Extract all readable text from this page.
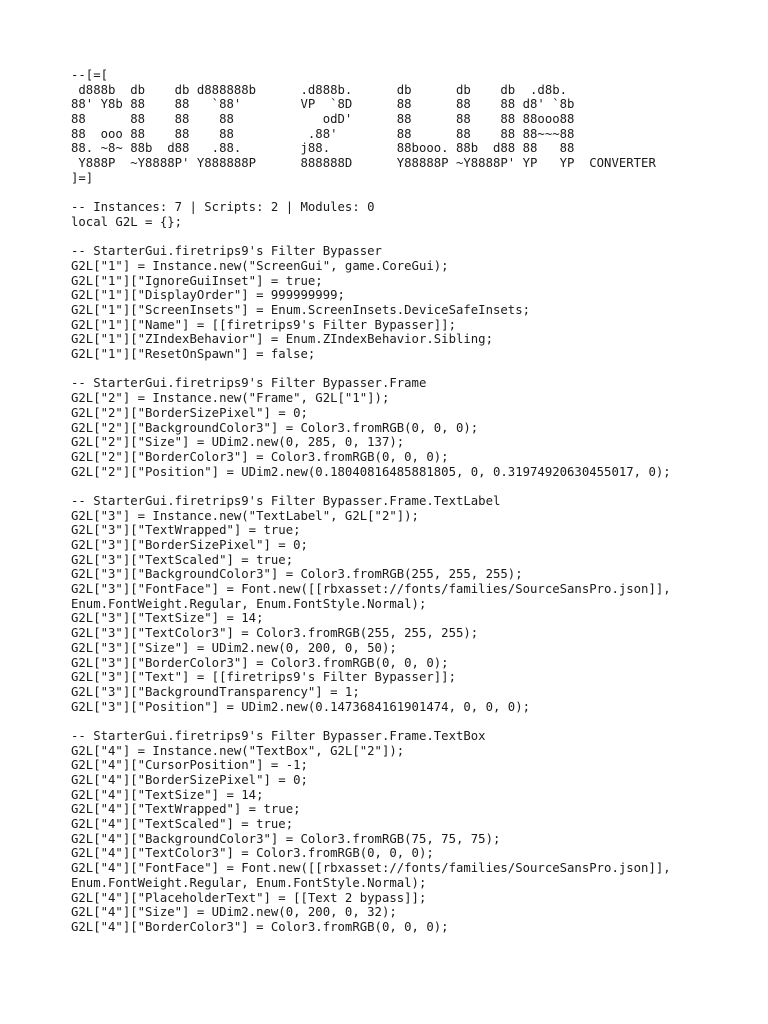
--[=[
d888b  db    db d888888b      .d888b.      db      db    db  .d8b.
88' Y8b 88    88   `88'        VP  `8D      88      88    88 d8' `8b
88      88    88    88            odD'      88      88    88 88ooo88
88  ooo 88    88    88          .88'        88      88    88 88~~~88
88. ~8~ 88b  d88   .88.        j88.         88booo. 88b  d88 88   88
Y888P  ~Y8888P' Y888888P      888888D      Y88888P ~Y8888P' YP   YP  CONVERTER
]=]
-- Instances: 7 | Scripts: 2 | Modules: 0
local G2L = {};
-- StarterGui.firetrips9's Filter Bypasser
G2L["1"] = Instance.new("ScreenGui", game.CoreGui);
G2L["1"]["IgnoreGuiInset"] = true;
G2L["1"]["DisplayOrder"] = 999999999;
G2L["1"]["ScreenInsets"] = Enum.ScreenInsets.DeviceSafeInsets;
G2L["1"]["Name"] = [[firetrips9's Filter Bypasser]];
G2L["1"]["ZIndexBehavior"] = Enum.ZIndexBehavior.Sibling;
G2L["1"]["ResetOnSpawn"] = false;
-- StarterGui.firetrips9's Filter Bypasser.Frame
G2L["2"] = Instance.new("Frame", G2L["1"]);
G2L["2"]["BorderSizePixel"] = 0;
G2L["2"]["BackgroundColor3"] = Color3.fromRGB(0, 0, 0);
G2L["2"]["Size"] = UDim2.new(0, 285, 0, 137);
G2L["2"]["BorderColor3"] = Color3.fromRGB(0, 0, 0);
G2L["2"]["Position"] = UDim2.new(0.18040816485881805, 0, 0.31974920630455017, 0);
-- StarterGui.firetrips9's Filter Bypasser.Frame.TextLabel
G2L["3"] = Instance.new("TextLabel", G2L["2"]);
G2L["3"]["TextWrapped"] = true;
G2L["3"]["BorderSizePixel"] = 0;
G2L["3"]["TextScaled"] = true;
G2L["3"]["BackgroundColor3"] = Color3.fromRGB(255, 255, 255);
G2L["3"]["FontFace"] = Font.new([[rbxasset://fonts/families/SourceSansPro.json]],
Enum.FontWeight.Regular, Enum.FontStyle.Normal);
G2L["3"]["TextSize"] = 14;
G2L["3"]["TextColor3"] = Color3.fromRGB(255, 255, 255);
G2L["3"]["Size"] = UDim2.new(0, 200, 0, 50);
G2L["3"]["BorderColor3"] = Color3.fromRGB(0, 0, 0);
G2L["3"]["Text"] = [[firetrips9's Filter Bypasser]];
G2L["3"]["BackgroundTransparency"] = 1;
G2L["3"]["Position"] = UDim2.new(0.1473684161901474, 0, 0, 0);
-- StarterGui.firetrips9's Filter Bypasser.Frame.TextBox
G2L["4"] = Instance.new("TextBox", G2L["2"]);
G2L["4"]["CursorPosition"] = -1;
G2L["4"]["BorderSizePixel"] = 0;
G2L["4"]["TextSize"] = 14;
G2L["4"]["TextWrapped"] = true;
G2L["4"]["TextScaled"] = true;
G2L["4"]["BackgroundColor3"] = Color3.fromRGB(75, 75, 75);
G2L["4"]["TextColor3"] = Color3.fromRGB(0, 0, 0);
G2L["4"]["FontFace"] = Font.new([[rbxasset://fonts/families/SourceSansPro.json]],
Enum.FontWeight.Regular, Enum.FontStyle.Normal);
G2L["4"]["PlaceholderText"] = [[Text 2 bypass]];
G2L["4"]["Size"] = UDim2.new(0, 200, 0, 32);
G2L["4"]["BorderColor3"] = Color3.fromRGB(0, 0, 0);
